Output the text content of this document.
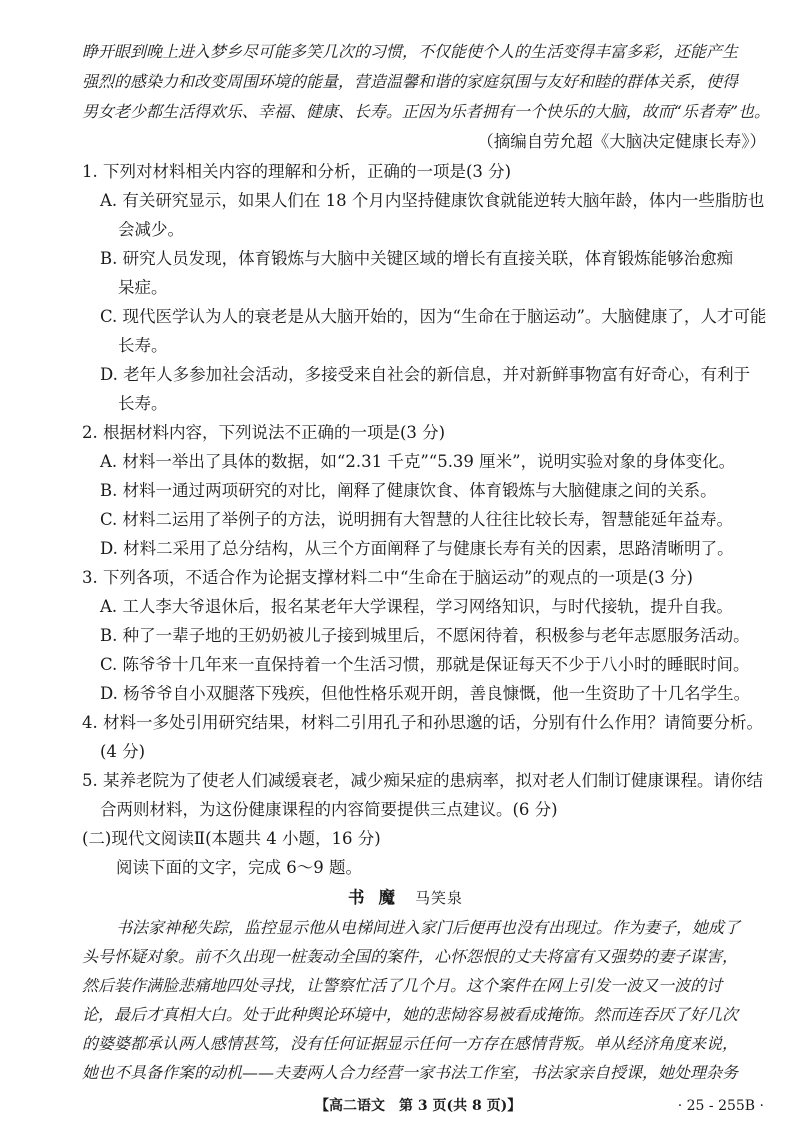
睁开眼到晚上进入梦乡尽可能多笑几次的习惯，不仅能使个人的生活变得丰富多彩，还能产生
强烈的感染力和改变周围环境的能量，营造温馨和谐的家庭氛围与友好和睦的群体关系，使得
男女老少都生活得欢乐、幸福、健康、长寿。正因为乐者拥有一个快乐的大脑，故而“乐者寿”也。
（摘编自劳允超《大脑决定健康长寿》）
1. 下列对材料相关内容的理解和分析，正确的一项是(3 分)
A. 有关研究显示，如果人们在 18 个月内坚持健康饮食就能逆转大脑年龄，体内一些脂肪也
会减少。
B. 研究人员发现，体育锻炼与大脑中关键区域的增长有直接关联，体育锻炼能够治愈痴
呆症。
C. 现代医学认为人的衰老是从大脑开始的，因为“生命在于脑运动”。大脑健康了，人才可能
长寿。
D. 老年人多参加社会活动，多接受来自社会的新信息，并对新鲜事物富有好奇心，有利于
长寿。
2. 根据材料内容，下列说法不正确的一项是(3 分)
A. 材料一举出了具体的数据，如“2.31 千克”“5.39 厘米”，说明实验对象的身体变化。
B. 材料一通过两项研究的对比，阐释了健康饮食、体育锻炼与大脑健康之间的关系。
C. 材料二运用了举例子的方法，说明拥有大智慧的人往往比较长寿，智慧能延年益寿。
D. 材料二采用了总分结构，从三个方面阐释了与健康长寿有关的因素，思路清晰明了。
3. 下列各项，不适合作为论据支撑材料二中“生命在于脑运动”的观点的一项是(3 分)
A. 工人李大爷退休后，报名某老年大学课程，学习网络知识，与时代接轨，提升自我。
B. 种了一辈子地的王奶奶被儿子接到城里后，不愿闲待着，积极参与老年志愿服务活动。
C. 陈爷爷十几年来一直保持着一个生活习惯，那就是保证每天不少于八小时的睡眠时间。
D. 杨爷爷自小双腿落下残疾，但他性格乐观开朗，善良慷慨，他一生资助了十几名学生。
4. 材料一多处引用研究结果，材料二引用孔子和孙思邈的话，分别有什么作用？请简要分析。
(4 分)
5. 某养老院为了使老人们减缓衰老，减少痴呆症的患病率，拟对老人们制订健康课程。请你结
合两则材料，为这份健康课程的内容简要提供三点建议。(6 分)
(二)现代文阅读Ⅱ(本题共 4 小题，16 分)
阅读下面的文字，完成 6～9 题。
书魔 马笑泉
书法家神秘失踪，监控显示他从电梯间进入家门后便再也没有出现过。作为妻子，她成了
头号怀疑对象。前不久出现一桩轰动全国的案件，心怀怨恨的丈夫将富有又强势的妻子谋害，
然后装作满脸悲痛地四处寻找，让警察忙活了几个月。这个案件在网上引发一波又一波的讨
论，最后才真相大白。处于此种舆论环境中，她的悲恸容易被看成掩饰。然而连吞厌了好几次
的婆婆都承认两人感情甚笃，没有任何证据显示任何一方存在感情背叛。单从经济角度来说，
她也不具备作案的动机——夫妻两人合力经营一家书法工作室，书法家亲自授课，她处理杂务
【高二语文　第 3 页(共 8 页)】	· 25 - 255B ·
